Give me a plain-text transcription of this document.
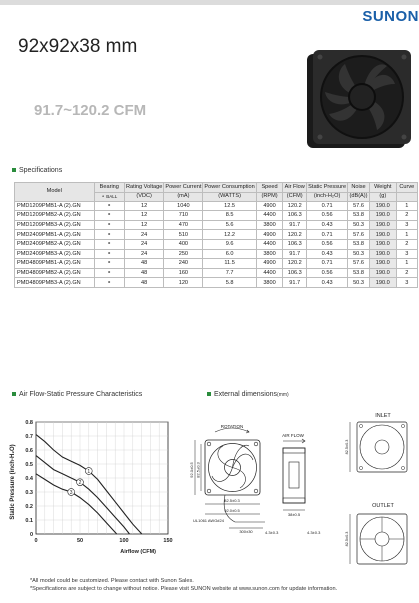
SUNON
92x92x38 mm
91.7~120.2 CFM
Specifications
Model	Bearing	Rating Voltage	Power Current	Power Consumption	Speed	Air Flow	Static Pressure	Noise	Weight	Curve
	⚬ BALL	(VDC)	(mA)	(WATTS)	(RPM)	(CFM)	(inch-H₂O)	(dB(A))	(g)	
PMD1209PMB1-A (2).GN	⚬	12	1040	12.5	4900	120.2	0.71	57.6	190.0	1
PMD1209PMB2-A (2).GN	⚬	12	710	8.5	4400	106.3	0.56	53.8	190.0	2
PMD1209PMB3-A (2).GN	⚬	12	470	5.6	3800	91.7	0.43	50.3	190.0	3
PMD2409PMB1-A (2).GN	⚬	24	510	12.2	4900	120.2	0.71	57.6	190.0	1
PMD2409PMB2-A (2).GN	⚬	24	400	9.6	4400	106.3	0.56	53.8	190.0	2
PMD2409PMB3-A (2).GN	⚬	24	250	6.0	3800	91.7	0.43	50.3	190.0	3
PMD4809PMB1-A (2).GN	⚬	48	240	11.5	4900	120.2	0.71	57.6	190.0	1
PMD4809PMB2-A (2).GN	⚬	48	160	7.7	4400	106.3	0.56	53.8	190.0	2
PMD4809PMB3-A (2).GN	⚬	48	120	5.8	3800	91.7	0.43	50.3	190.0	3
Air Flow-Static Pressure Characteristics	External dimensions(mm)
1
2
3
0.8
0.7
0.6
0.5
0.4
0.3
0.2
0.1
0
0	50	100	150
Static Pressure (inch-H₂O)
Airflow (CFM)
ROTATION
92.0±0.5 82.5±0.3
82.5±0.3
92.0±0.5
UL1061 AWG#24
300±30
AIR FLOW
38±0.5
4.3±0.3	4.3±0.3
INLET
82.5±0.3
OUTLET
82.5±0.3
*All model could be customized. Please contact with Sunon Sales.
*Specifications are subject to change without notice. Please visit SUNON website at www.sunon.com for update information.
